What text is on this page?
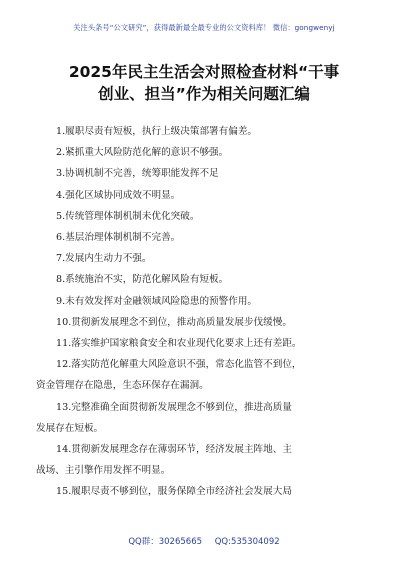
关注头条号“公文研究”，获得最新最全最专业的公文资料库！ 微信：gongwenyj
2025年民主生活会对照检查材料“干事
创业、担当”作为相关问题汇编
1.履职尽责有短板，执行上级决策部署有偏差。
2.紧抓重大风险防范化解的意识不够强。
3.协调机制不完善，统筹职能发挥不足
4.强化区域协同成效不明显。
5.传统管理体制机制未优化突破。
6.基层治理体制机制不完善。
7.发展内生动力不强。
8.系统施治不实，防范化解风险有短板。
9.未有效发挥对金融领域风险隐患的预警作用。
10.贯彻新发展理念不到位，推动高质量发展步伐缓慢。
11.落实维护国家粮食安全和农业现代化要求上还有差距。
12.落实防范化解重大风险意识不强，常态化监管不到位，
资金管理存在隐患，生态环保存在漏洞。
13.完整准确全面贯彻新发展理念不够到位，推进高质量
发展存在短板。
14.贯彻新发展理念存在薄弱环节，经济发展主阵地、主
战场、主引擎作用发挥不明显。
15.履职尽责不够到位，服务保障全市经济社会发展大局
QQ群：30265665 QQ:535304092
